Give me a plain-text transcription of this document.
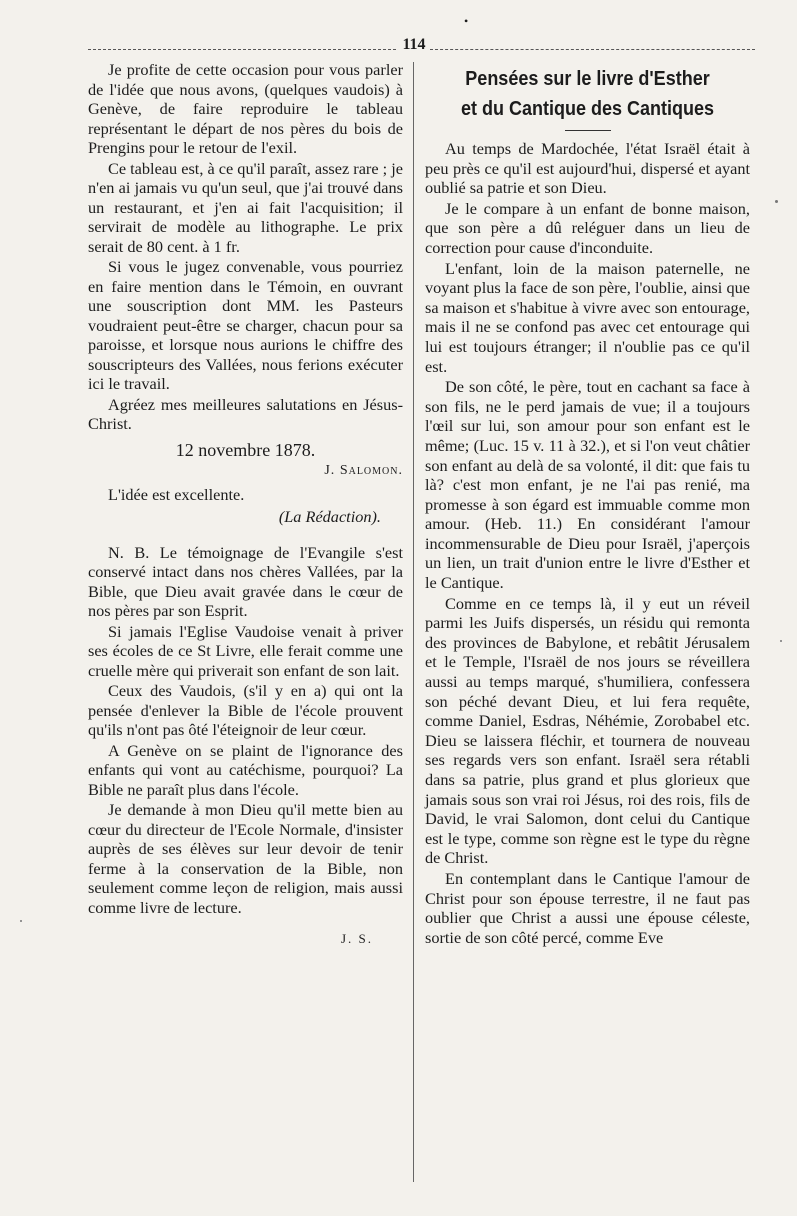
•
114

Je profite de cette occasion pour vous parler de l'idée que nous avons, (quelques vaudois) à Genève, de faire reproduire le tableau représentant le départ de nos pères du bois de Prengins pour le retour de l'exil.

Ce tableau est, à ce qu'il paraît, assez rare ; je n'en ai jamais vu qu'un seul, que j'ai trouvé dans un restaurant, et j'en ai fait l'acquisition; il servirait de modèle au lithographe. Le prix serait de 80 cent. à 1 fr.

Si vous le jugez convenable, vous pourriez en faire mention dans le Témoin, en ouvrant une souscription dont MM. les Pasteurs voudraient peut-être se charger, chacun pour sa paroisse, et lorsque nous aurions le chiffre des souscripteurs des Vallées, nous ferions exécuter ici le travail.

Agréez mes meilleures salutations en Jésus-Christ.

12 novembre 1878.

J. Salomon.

L'idée est excellente.

(La Rédaction).

N. B. Le témoignage de l'Evangile s'est conservé intact dans nos chères Vallées, par la Bible, que Dieu avait gravée dans le cœur de nos pères par son Esprit.

Si jamais l'Eglise Vaudoise venait à priver ses écoles de ce St Livre, elle ferait comme une cruelle mère qui priverait son enfant de son lait.

Ceux des Vaudois, (s'il y en a) qui ont la pensée d'enlever la Bible de l'école prouvent qu'ils n'ont pas ôté l'éteignoir de leur cœur.

A Genève on se plaint de l'ignorance des enfants qui vont au catéchisme, pourquoi? La Bible ne paraît plus dans l'école.

Je demande à mon Dieu qu'il mette bien au cœur du directeur de l'Ecole Normale, d'insister auprès de ses élèves sur leur devoir de tenir ferme à la conservation de la Bible, non seulement comme leçon de religion, mais aussi comme livre de lecture.

J. S.

Pensées sur le livre d'Esther
et du Cantique des Cantiques

Au temps de Mardochée, l'état Israël était à peu près ce qu'il est aujourd'hui, dispersé et ayant oublié sa patrie et son Dieu.

Je le compare à un enfant de bonne maison, que son père a dû reléguer dans un lieu de correction pour cause d'inconduite.

L'enfant, loin de la maison paternelle, ne voyant plus la face de son père, l'oublie, ainsi que sa maison et s'habitue à vivre avec son entourage, mais il ne se confond pas avec cet entourage qui lui est toujours étranger; il n'oublie pas ce qu'il est.

De son côté, le père, tout en cachant sa face à son fils, ne le perd jamais de vue; il a toujours l'œil sur lui, son amour pour son enfant est le même; (Luc. 15 v. 11 à 32.), et si l'on veut châtier son enfant au delà de sa volonté, il dit: que fais tu là? c'est mon enfant, je ne l'ai pas renié, ma promesse à son égard est immuable comme mon amour. (Heb. 11.) En considérant l'amour incommensurable de Dieu pour Israël, j'aperçois un lien, un trait d'union entre le livre d'Esther et le Cantique.

Comme en ce temps là, il y eut un réveil parmi les Juifs dispersés, un résidu qui remonta des provinces de Babylone, et rebâtit Jérusalem et le Temple, l'Israël de nos jours se réveillera aussi au temps marqué, s'humiliera, confessera son péché devant Dieu, et lui fera requête, comme Daniel, Esdras, Néhémie, Zorobabel etc. Dieu se laissera fléchir, et tournera de nouveau ses regards vers son enfant. Israël sera rétabli dans sa patrie, plus grand et plus glorieux que jamais sous son vrai roi Jésus, roi des rois, fils de David, le vrai Salomon, dont celui du Cantique est le type, comme son règne est le type du règne de Christ.

En contemplant dans le Cantique l'amour de Christ pour son épouse terrestre, il ne faut pas oublier que Christ a aussi une épouse céleste, sortie de son côté percé, comme Eve
